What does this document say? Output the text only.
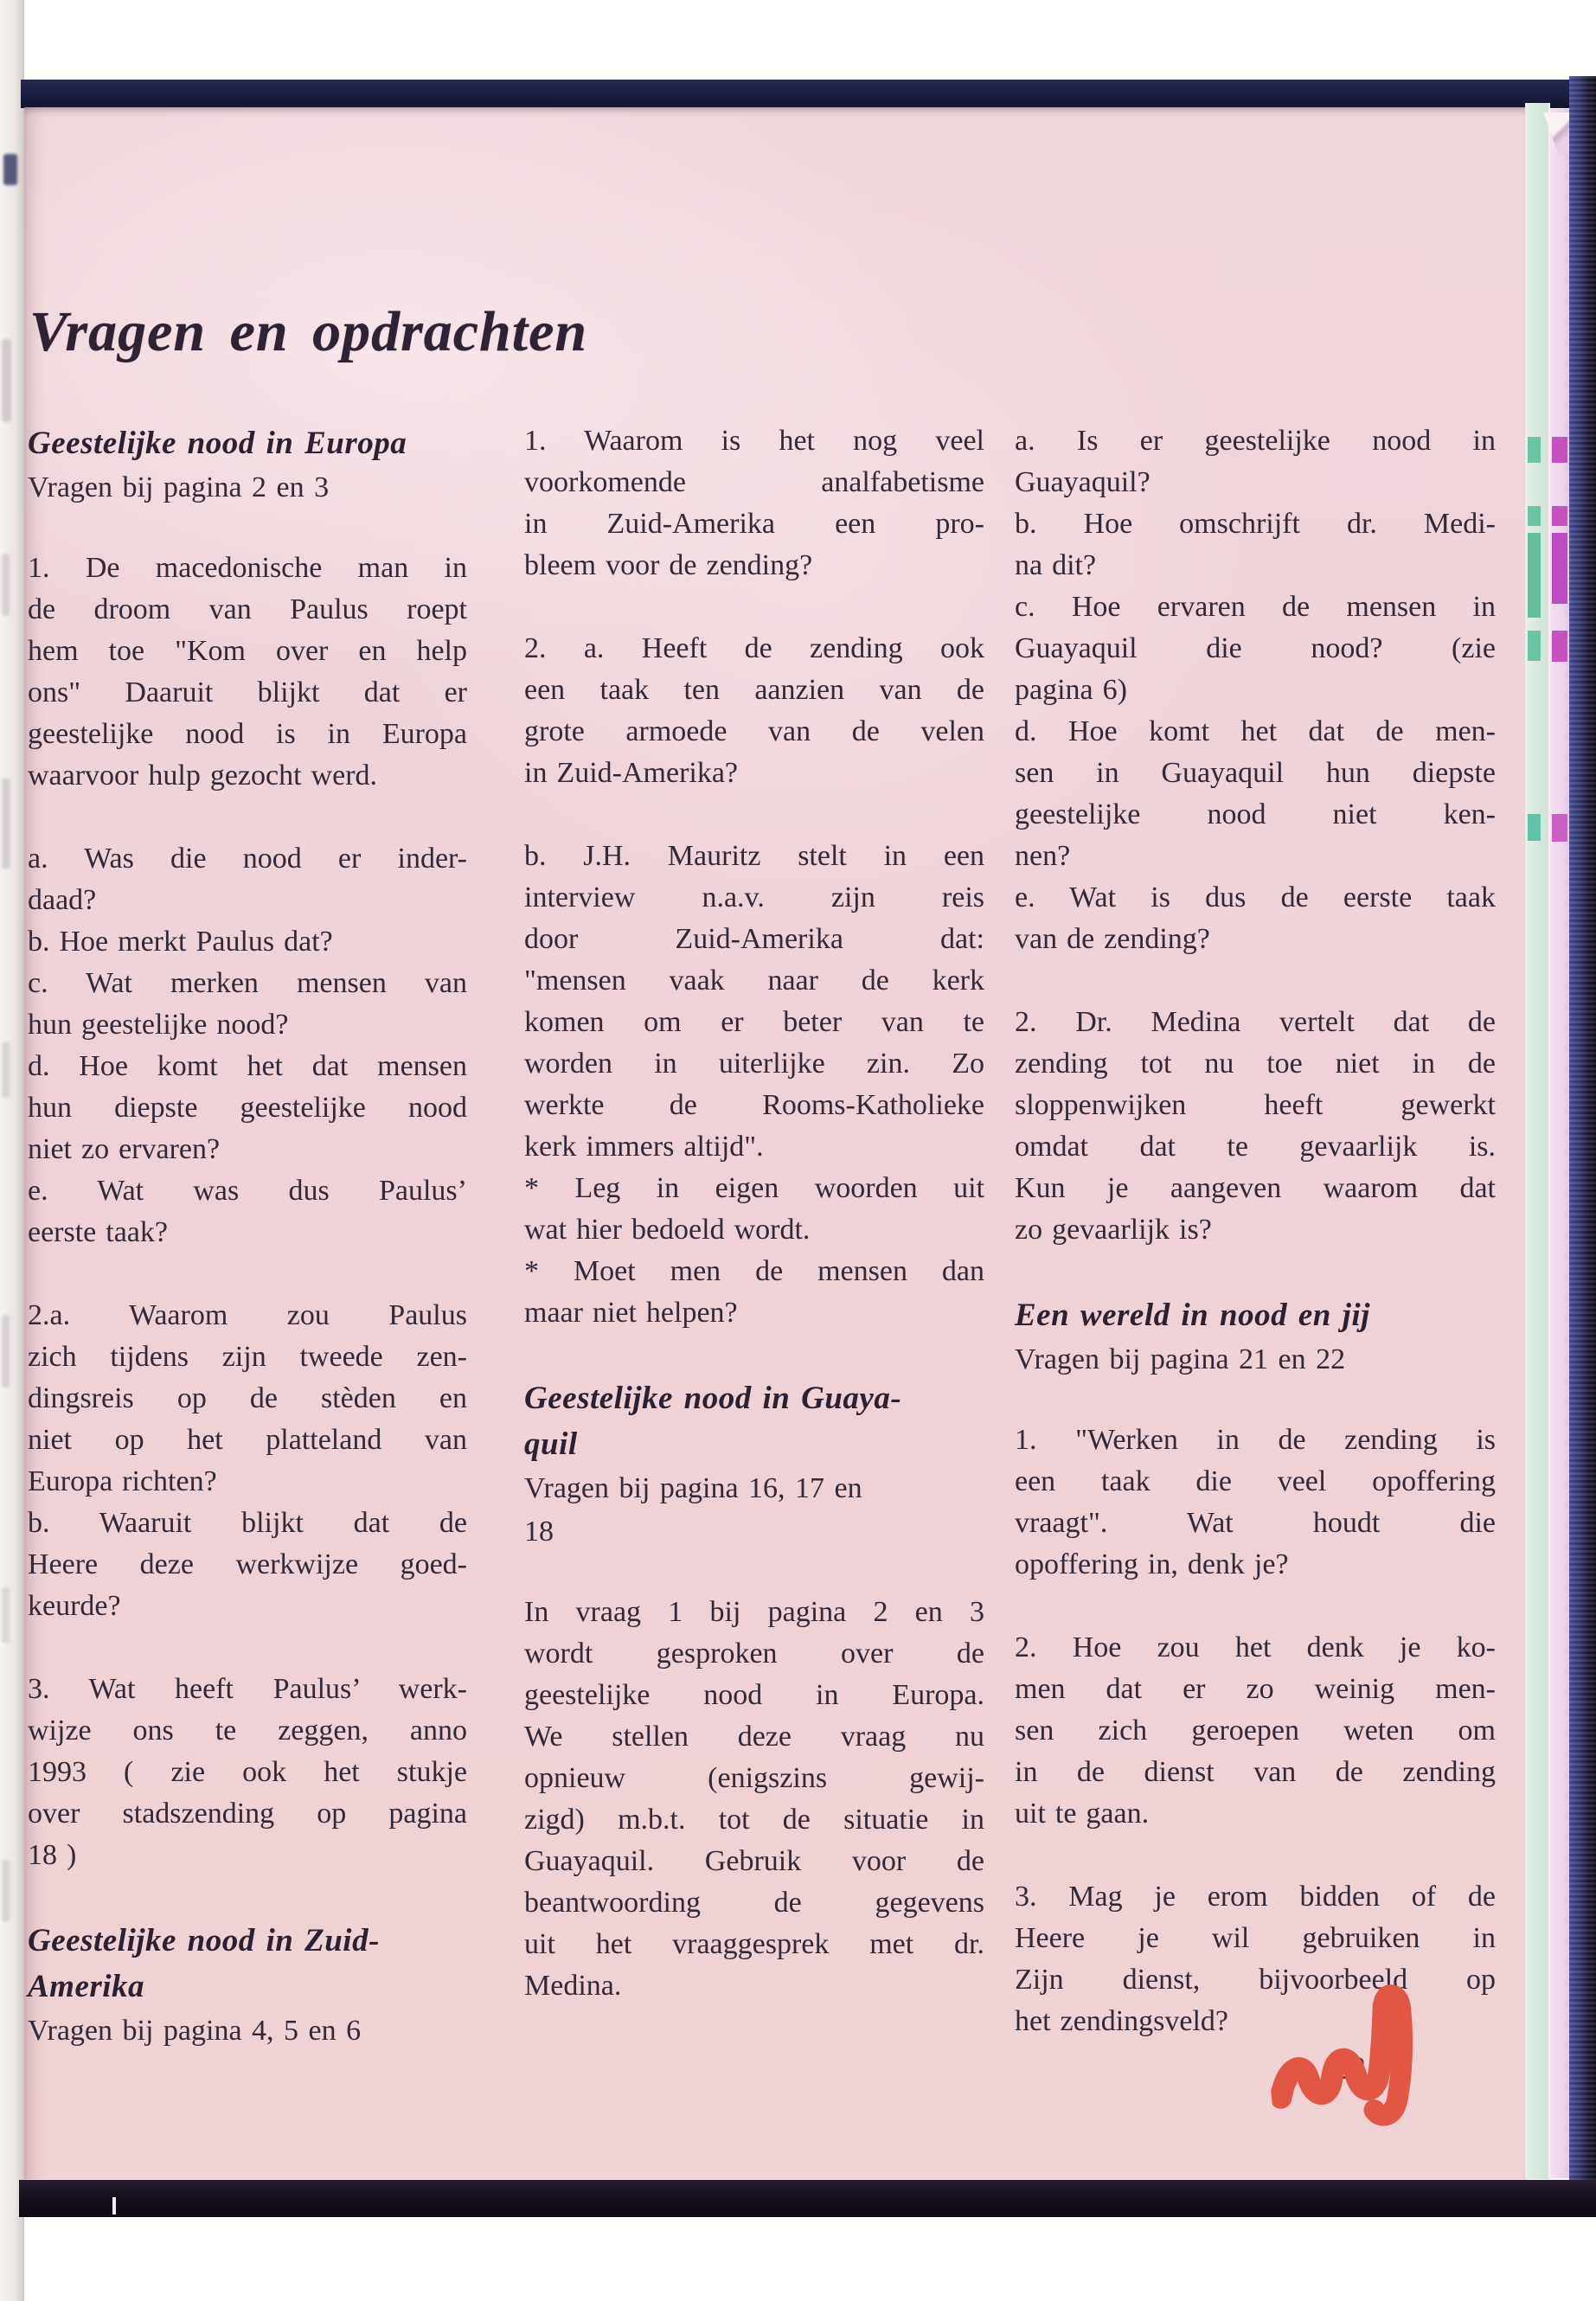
Vragen en opdrachten
Geestelijke nood in Europa
Vragen bij pagina 2 en 3
1. De macedonische man in
de droom van Paulus roept
hem toe "Kom over en help
ons" Daaruit blijkt dat er
geestelijke nood is in Europa
waarvoor hulp gezocht werd.
a. Was die nood er inder-
daad?
b. Hoe merkt Paulus dat?
c. Wat merken mensen van
hun geestelijke nood?
d. Hoe komt het dat mensen
hun diepste geestelijke nood
niet zo ervaren?
e. Wat was dus Paulus’
eerste taak?
2.a. Waarom zou Paulus
zich tijdens zijn tweede zen-
dingsreis op de stèden en
niet op het platteland van
Europa richten?
b. Waaruit blijkt dat de
Heere deze werkwijze goed-
keurde?
3. Wat heeft Paulus’ werk-
wijze ons te zeggen, anno
1993 ( zie ook het stukje
over stadszending op pagina
18 )
Geestelijke nood in Zuid-
Amerika
Vragen bij pagina 4, 5 en 6
1. Waarom is het nog veel
voorkomende analfabetisme
in Zuid-Amerika een pro-
bleem voor de zending?
2. a. Heeft de zending ook
een taak ten aanzien van de
grote armoede van de velen
in Zuid-Amerika?
b. J.H. Mauritz stelt in een
interview n.a.v. zijn reis
door Zuid-Amerika dat:
"mensen vaak naar de kerk
komen om er beter van te
worden in uiterlijke zin. Zo
werkte de Rooms-Katholieke
kerk immers altijd".
* Leg in eigen woorden uit
wat hier bedoeld wordt.
* Moet men de mensen dan
maar niet helpen?
Geestelijke nood in Guaya-
quil
Vragen bij pagina 16, 17 en
18
In vraag 1 bij pagina 2 en 3
wordt gesproken over de
geestelijke nood in Europa.
We stellen deze vraag nu
opnieuw (enigszins gewij-
zigd) m.b.t. tot de situatie in
Guayaquil. Gebruik voor de
beantwoording de gegevens
uit het vraaggesprek met dr.
Medina.
a. Is er geestelijke nood in
Guayaquil?
b. Hoe omschrijft dr. Medi-
na dit?
c. Hoe ervaren de mensen in
Guayaquil die nood? (zie
pagina 6)
d. Hoe komt het dat de men-
sen in Guayaquil hun diepste
geestelijke nood niet ken-
nen?
e. Wat is dus de eerste taak
van de zending?
2. Dr. Medina vertelt dat de
zending tot nu toe niet in de
sloppenwijken heeft gewerkt
omdat dat te gevaarlijk is.
Kun je aangeven waarom dat
zo gevaarlijk is?
Een wereld in nood en jij
Vragen bij pagina 21 en 22
1. "Werken in de zending is
een taak die veel opoffering
vraagt". Wat houdt die
opoffering in, denk je?
2. Hoe zou het denk je ko-
men dat er zo weinig men-
sen zich geroepen weten om
in de dienst van de zending
uit te gaan.
3. Mag je erom bidden of de
Heere je wil gebruiken in
Zijn dienst, bijvoorbeeld op
het zendingsveld?
23
